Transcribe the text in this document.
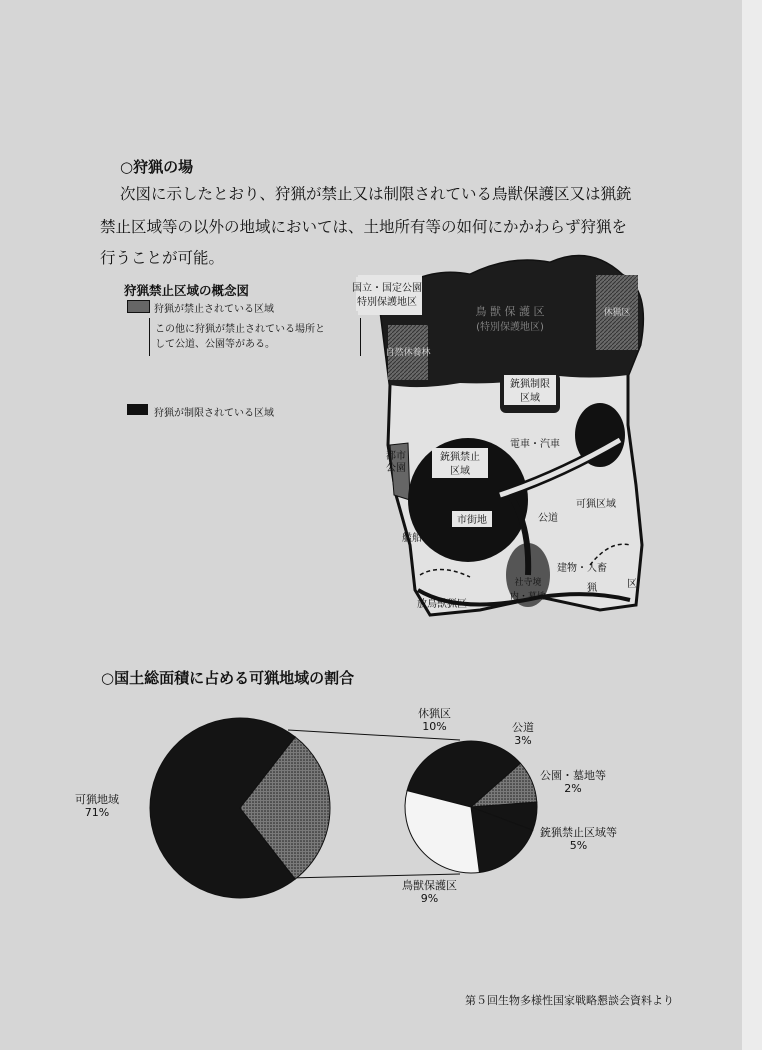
○狩猟の場
次図に示したとおり、狩猟が禁止又は制限されている鳥獣保護区又は猟銃
禁止区域等の以外の地域においては、土地所有等の如何にかかわらず狩猟を
行うことが可能。
狩猟禁止区域の概念図
狩猟が禁止されている区域
この他に狩猟が禁止されている場所と
して公道、公園等がある。
狩猟が制限されている区域
国立・国定公園
特別保護地区
鳥 獣 保 護 区
(特別保護地区)
自然休養林
休猟区
銃猟制限
区域
電車・汽車
都市
公園
銃猟禁止
区域
市街地	公道
可猟区域
艦船
社寺境
内・墓地
建物・人畜
猟	区
放鳥獣猟区
○国土総面積に占める可猟地域の割合
可猟地域
71%
休猟区
10%	公道
3%
公園・墓地等
2%
銃猟禁止区域等
5%
鳥獣保護区
9%
第５回生物多様性国家戦略懇談会資料より
